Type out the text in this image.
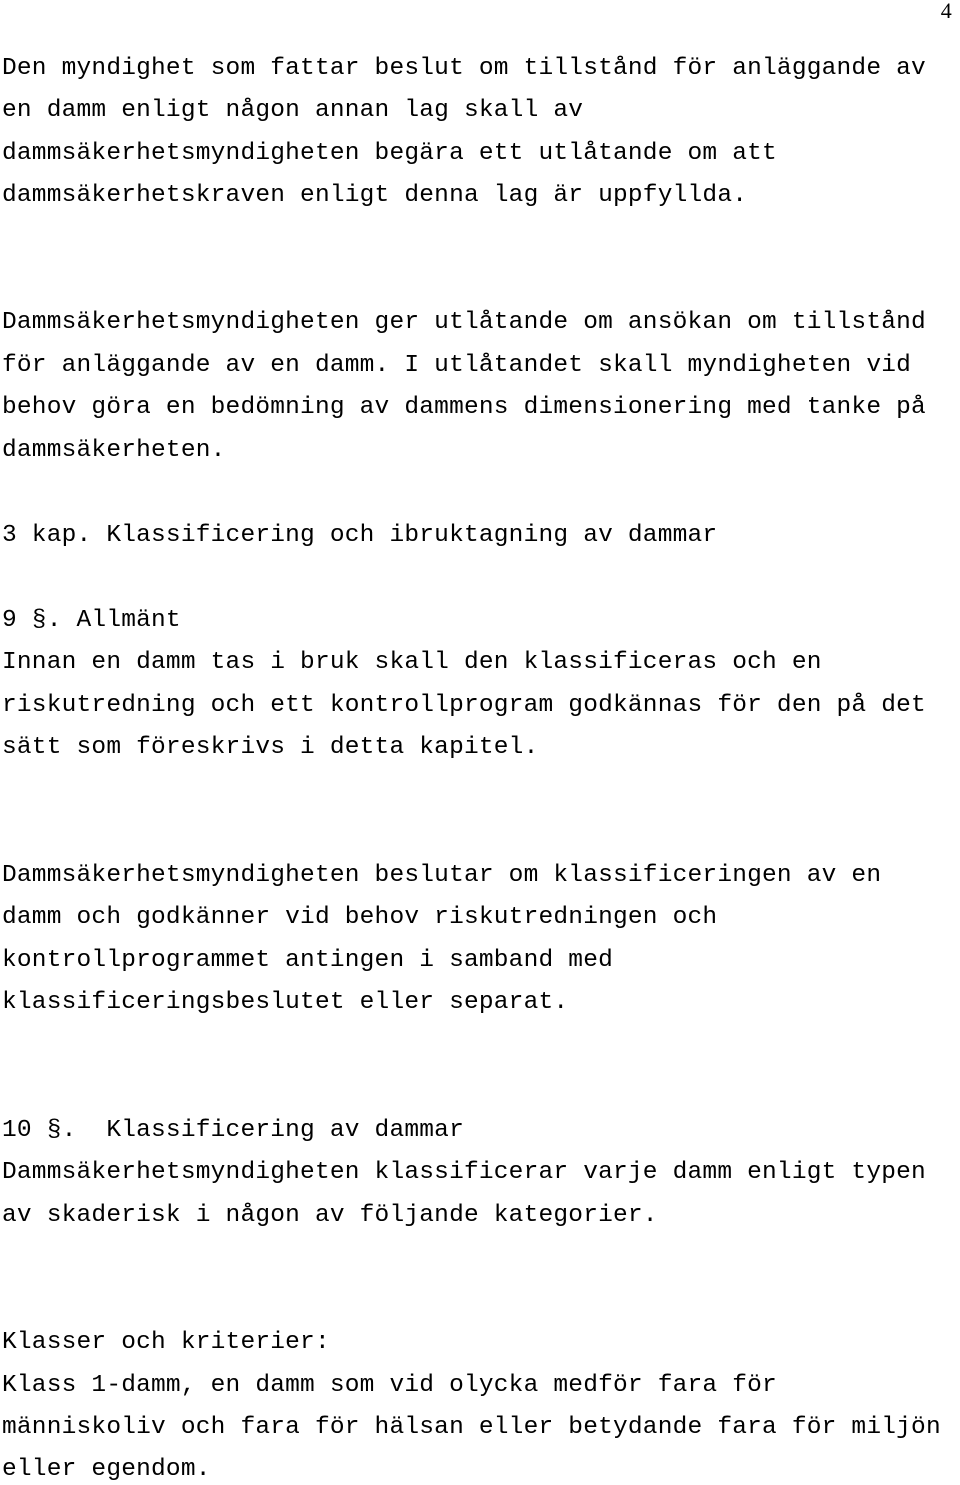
4
Den myndighet som fattar beslut om tillstånd för anläggande av
en damm enligt någon annan lag skall av
dammsäkerhetsmyndigheten begära ett utlåtande om att
dammsäkerhetskraven enligt denna lag är uppfyllda.
Dammsäkerhetsmyndigheten ger utlåtande om ansökan om tillstånd
för anläggande av en damm. I utlåtandet skall myndigheten vid
behov göra en bedömning av dammens dimensionering med tanke på
dammsäkerheten.
3 kap. Klassificering och ibruktagning av dammar
9 §. Allmänt
Innan en damm tas i bruk skall den klassificeras och en
riskutredning och ett kontrollprogram godkännas för den på det
sätt som föreskrivs i detta kapitel.
Dammsäkerhetsmyndigheten beslutar om klassificeringen av en
damm och godkänner vid behov riskutredningen och
kontrollprogrammet antingen i samband med
klassificeringsbeslutet eller separat.
10 §.  Klassificering av dammar
Dammsäkerhetsmyndigheten klassificerar varje damm enligt typen
av skaderisk i någon av följande kategorier.
Klasser och kriterier:
Klass 1-damm, en damm som vid olycka medför fara för
människoliv och fara för hälsan eller betydande fara för miljön
eller egendom.
